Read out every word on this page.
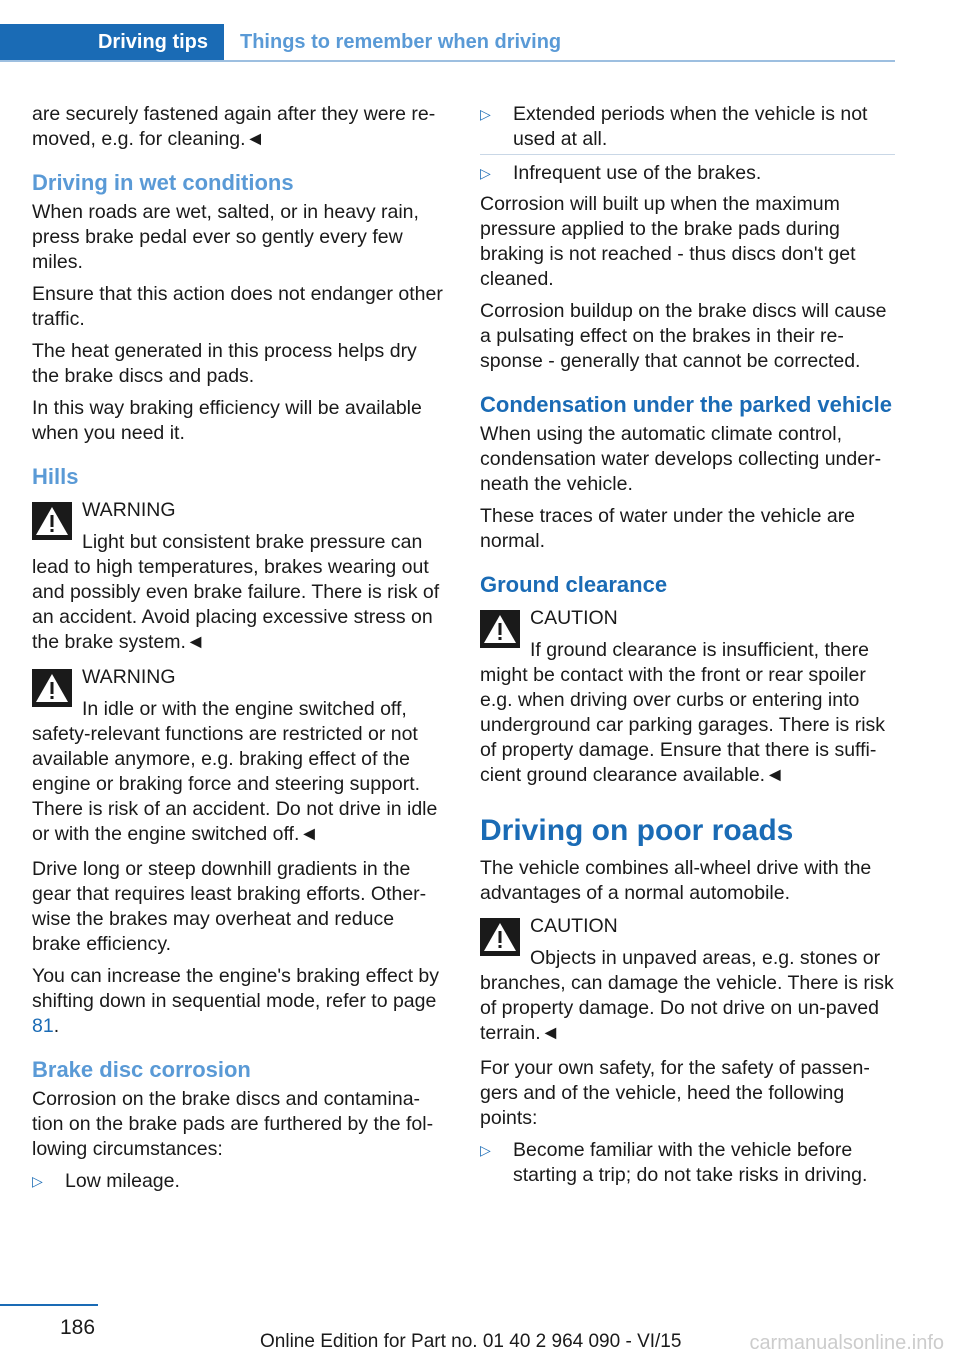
Driving tips	Things to remember when driving

are securely fastened again after they were re-moved, e.g. for cleaning.◄

Driving in wet conditions

When roads are wet, salted, or in heavy rain, press brake pedal ever so gently every few miles.

Ensure that this action does not endanger other traffic.

The heat generated in this process helps dry the brake discs and pads.

In this way braking efficiency will be available when you need it.

Hills
WARNING
Light but consistent brake pressure can
lead to high temperatures, brakes wearing out and possibly even brake failure. There is risk of an accident. Avoid placing excessive stress on the brake system.◄
WARNING
In idle or with the engine switched off,
safety-relevant functions are restricted or not available anymore, e.g. braking effect of the engine or braking force and steering support. There is risk of an accident. Do not drive in idle or with the engine switched off.◄

Drive long or steep downhill gradients in the gear that requires least braking efforts. Other-wise the brakes may overheat and reduce brake efficiency.

You can increase the engine's braking effect by shifting down in sequential mode, refer to page 81.

Brake disc corrosion

Corrosion on the brake discs and contamina-tion on the brake pads are furthered by the fol-lowing circumstances:

▷	Low mileage.
▷	Extended periods when the vehicle is not used at all.
▷	Infrequent use of the brakes.

Corrosion will built up when the maximum pressure applied to the brake pads during braking is not reached - thus discs don't get cleaned.

Corrosion buildup on the brake discs will cause a pulsating effect on the brakes in their re-sponse - generally that cannot be corrected.

Condensation under the parked vehicle

When using the automatic climate control, condensation water develops collecting under-neath the vehicle.

These traces of water under the vehicle are normal.

Ground clearance
CAUTION
If ground clearance is insufficient, there
might be contact with the front or rear spoiler e.g. when driving over curbs or entering into underground car parking garages. There is risk of property damage. Ensure that there is suffi-cient ground clearance available.◄
Driving on poor roads

The vehicle combines all-wheel drive with the advantages of a normal automobile.

CAUTION
Objects in unpaved areas, e.g. stones or
branches, can damage the vehicle. There is risk of property damage. Do not drive on un-paved terrain.◄

For your own safety, for the safety of passen-gers and of the vehicle, heed the following points:

▷	Become familiar with the vehicle before starting a trip; do not take risks in driving.
186
Online Edition for Part no. 01 40 2 964 090 - VI/15	carmanualsonline.info
